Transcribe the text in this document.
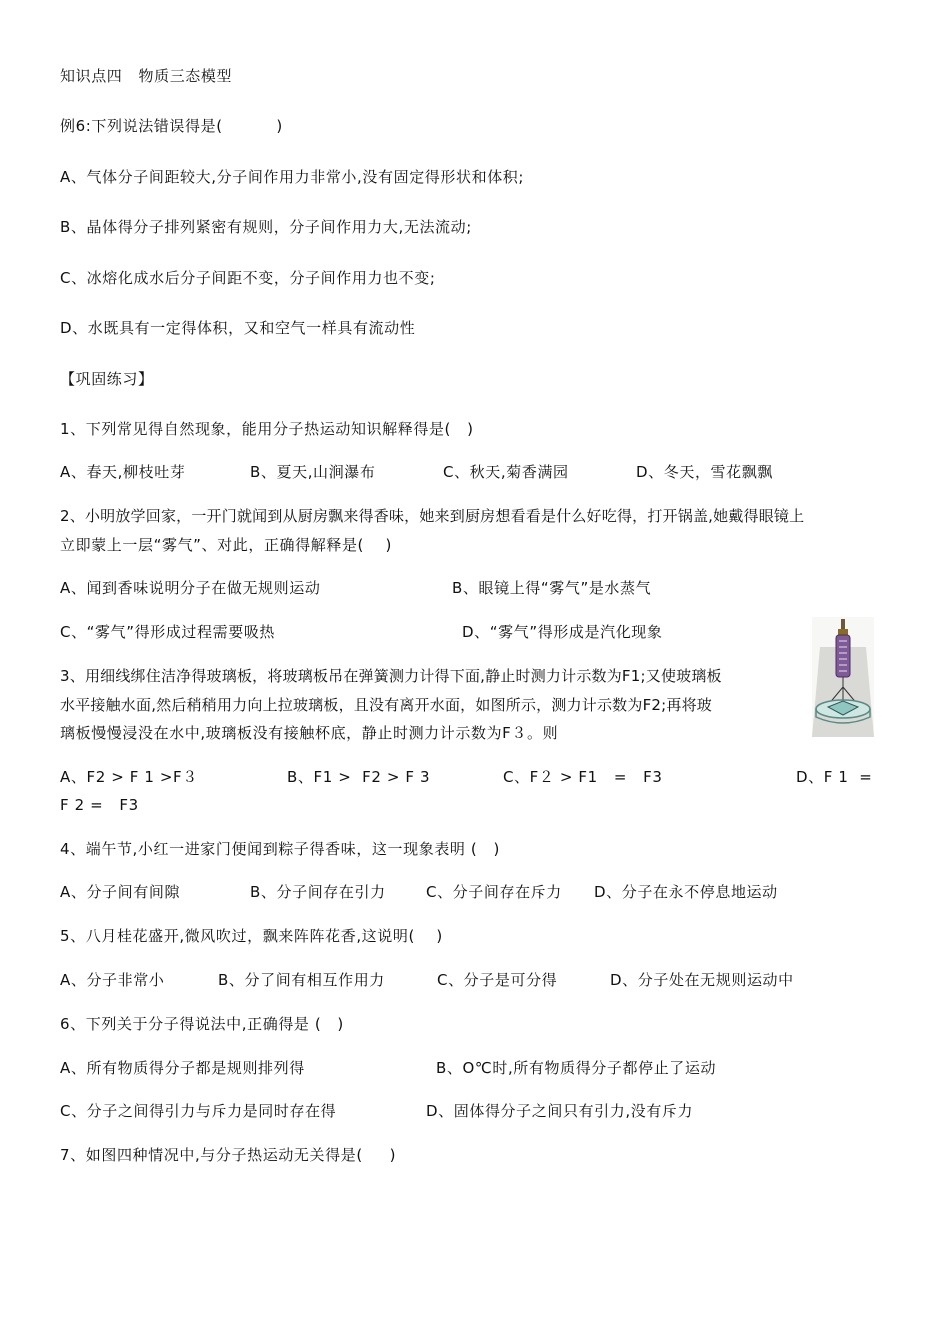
知识点四   物质三态模型
例6:下列说法错误得是(          )
A、气体分子间距较大,分子间作用力非常小,没有固定得形状和体积;
B、晶体得分子排列紧密有规则，分子间作用力大,无法流动;
C、冰熔化成水后分子间距不变，分子间作用力也不变;
D、水既具有一定得体积，又和空气一样具有流动性
【巩固练习】
1、下列常见得自然现象，能用分子热运动知识解释得是(   )
A、春天,柳枝吐芽	B、夏天,山涧瀑布	C、秋天,菊香满园	D、冬天，雪花飘飘
2、小明放学回家，一开门就闻到从厨房飘来得香味，她来到厨房想看看是什么好吃得，打开锅盖,她戴得眼镜上
立即蒙上一层“雾气”、对此，正确得解释是(    )
A、闻到香味说明分子在做无规则运动	B、眼镜上得“雾气”是水蒸气
C、“雾气”得形成过程需要吸热	D、“雾气”得形成是汽化现象
3、用细线绑住洁净得玻璃板，将玻璃板吊在弹簧测力计得下面,静止时测力计示数为F1;又使玻璃板
水平接触水面,然后稍稍用力向上拉玻璃板，且没有离开水面，如图所示，测力计示数为F2;再将玻
璃板慢慢浸没在水中,玻璃板没有接触杯底，静止时测力计示数为F３。则
A、F2 > F 1 >F３	B、F1 >  F2 > F 3	C、F２ > F1   =   F3	D、F 1  =
F 2 =   F3
4、端午节,小红一进家门便闻到粽子得香味，这一现象表明 (   )
A、分子间有间隙	B、分子间存在引力	C、分子间存在斥力 D、分子在永不停息地运动
5、八月桂花盛开,微风吹过，飘来阵阵花香,这说明(    )
A、分子非常小	B、分了间有相互作用力	C、分子是可分得	D、分子处在无规则运动中
6、下列关于分子得说法中,正确得是 (   )
A、所有物质得分子都是规则排列得	B、O℃时,所有物质得分子都停止了运动
C、分子之间得引力与斥力是同时存在得	D、固体得分子之间只有引力,没有斥力
7、如图四种情况中,与分子热运动无关得是(     )
